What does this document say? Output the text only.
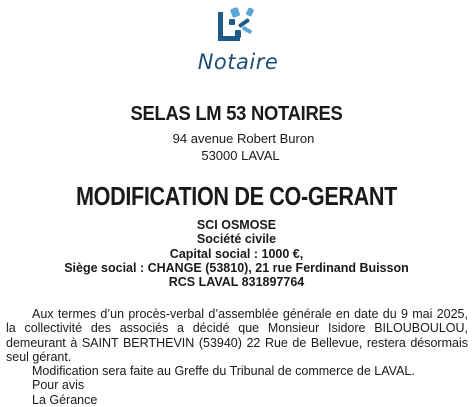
Notaire
SELAS LM 53 NOTAIRES
94 avenue Robert Buron
53000 LAVAL
MODIFICATION DE CO-GERANT
SCI OSMOSE
Société civile
Capital social : 1000 €,
Siège social : CHANGE (53810), 21 rue Ferdinand Buisson
RCS LAVAL 831897764

Aux termes d’un procès-verbal d’assemblée générale en date du 9 mai 2025, la collectivité des associés a décidé que Monsieur Isidore BILOUBOULOU, demeurant à SAINT BERTHEVIN (53940) 22 Rue de Bellevue, restera désormais seul gérant.

Modification sera faite au Greffe du Tribunal de commerce de LAVAL.
Pour avis
La Gérance
